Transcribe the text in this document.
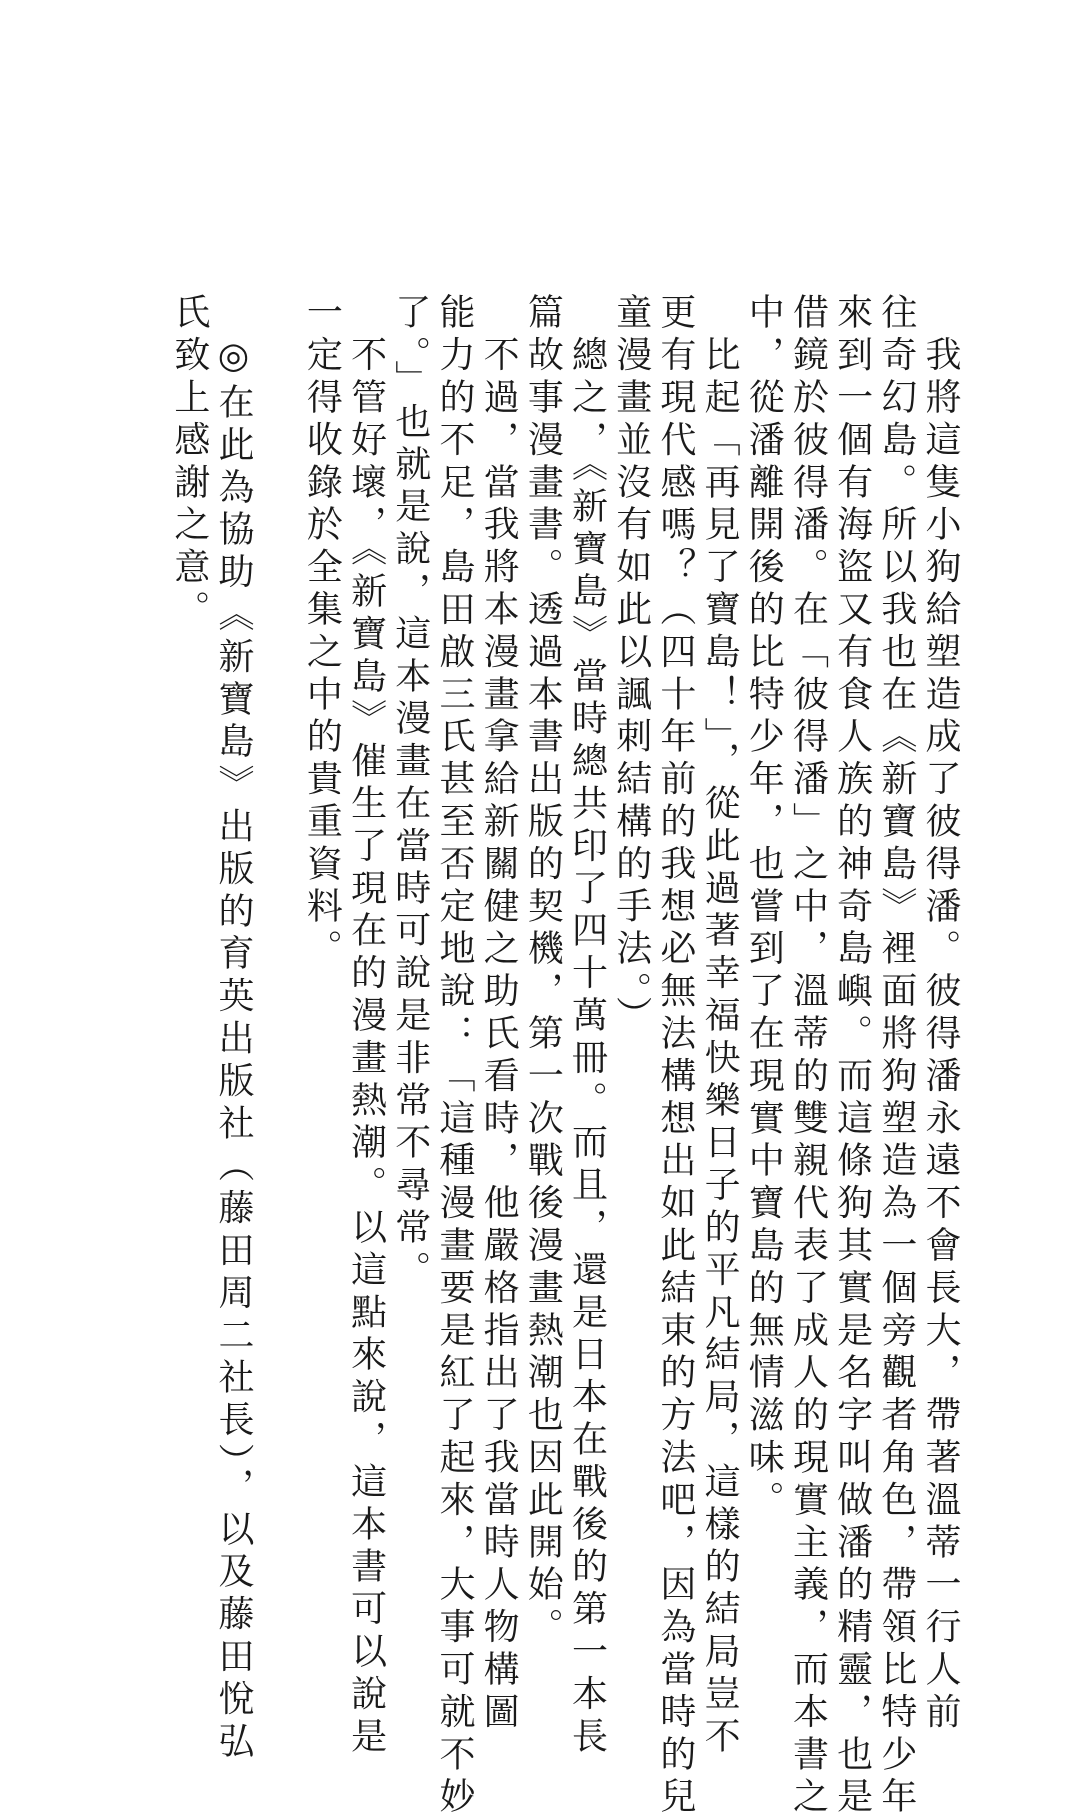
　我將這隻小狗給塑造成了彼得潘。彼得潘永遠不會長大，帶著溫蒂一行人前
往奇幻島。所以我也在《新寶島》裡面將狗塑造為一個旁觀者角色，帶領比特少年
來到一個有海盜又有食人族的神奇島嶼。而這條狗其實是名字叫做潘的精靈，也是
借鏡於彼得潘。在「彼得潘」之中，溫蒂的雙親代表了成人的現實主義，而本書之
中，從潘離開後的比特少年，也嘗到了在現實中寶島的無情滋味。
　比起「再見了寶島！」，從此過著幸福快樂日子的平凡結局，這樣的結局豈不
更有現代感嗎？（四十年前的我想必無法構想出如此結束的方法吧，因為當時的兒
童漫畫並沒有如此以諷刺結構的手法。）
　總之，《新寶島》當時總共印了四十萬冊。而且，還是日本在戰後的第一本長
篇故事漫畫書。透過本書出版的契機，第一次戰後漫畫熱潮也因此開始。
　不過，當我將本漫畫拿給新關健之助氏看時，他嚴格指出了我當時人物構圖
能力的不足，島田啟三氏甚至否定地說：「這種漫畫要是紅了起來，大事可就不妙
了。」也就是說，這本漫畫在當時可說是非常不尋常。
　不管好壞，《新寶島》催生了現在的漫畫熱潮。以這點來說，這本書可以說是
一定得收錄於全集之中的貴重資料。
　◎在此為協助《新寶島》出版的育英出版社（藤田周二社長），以及藤田悅弘
氏致上感謝之意。
